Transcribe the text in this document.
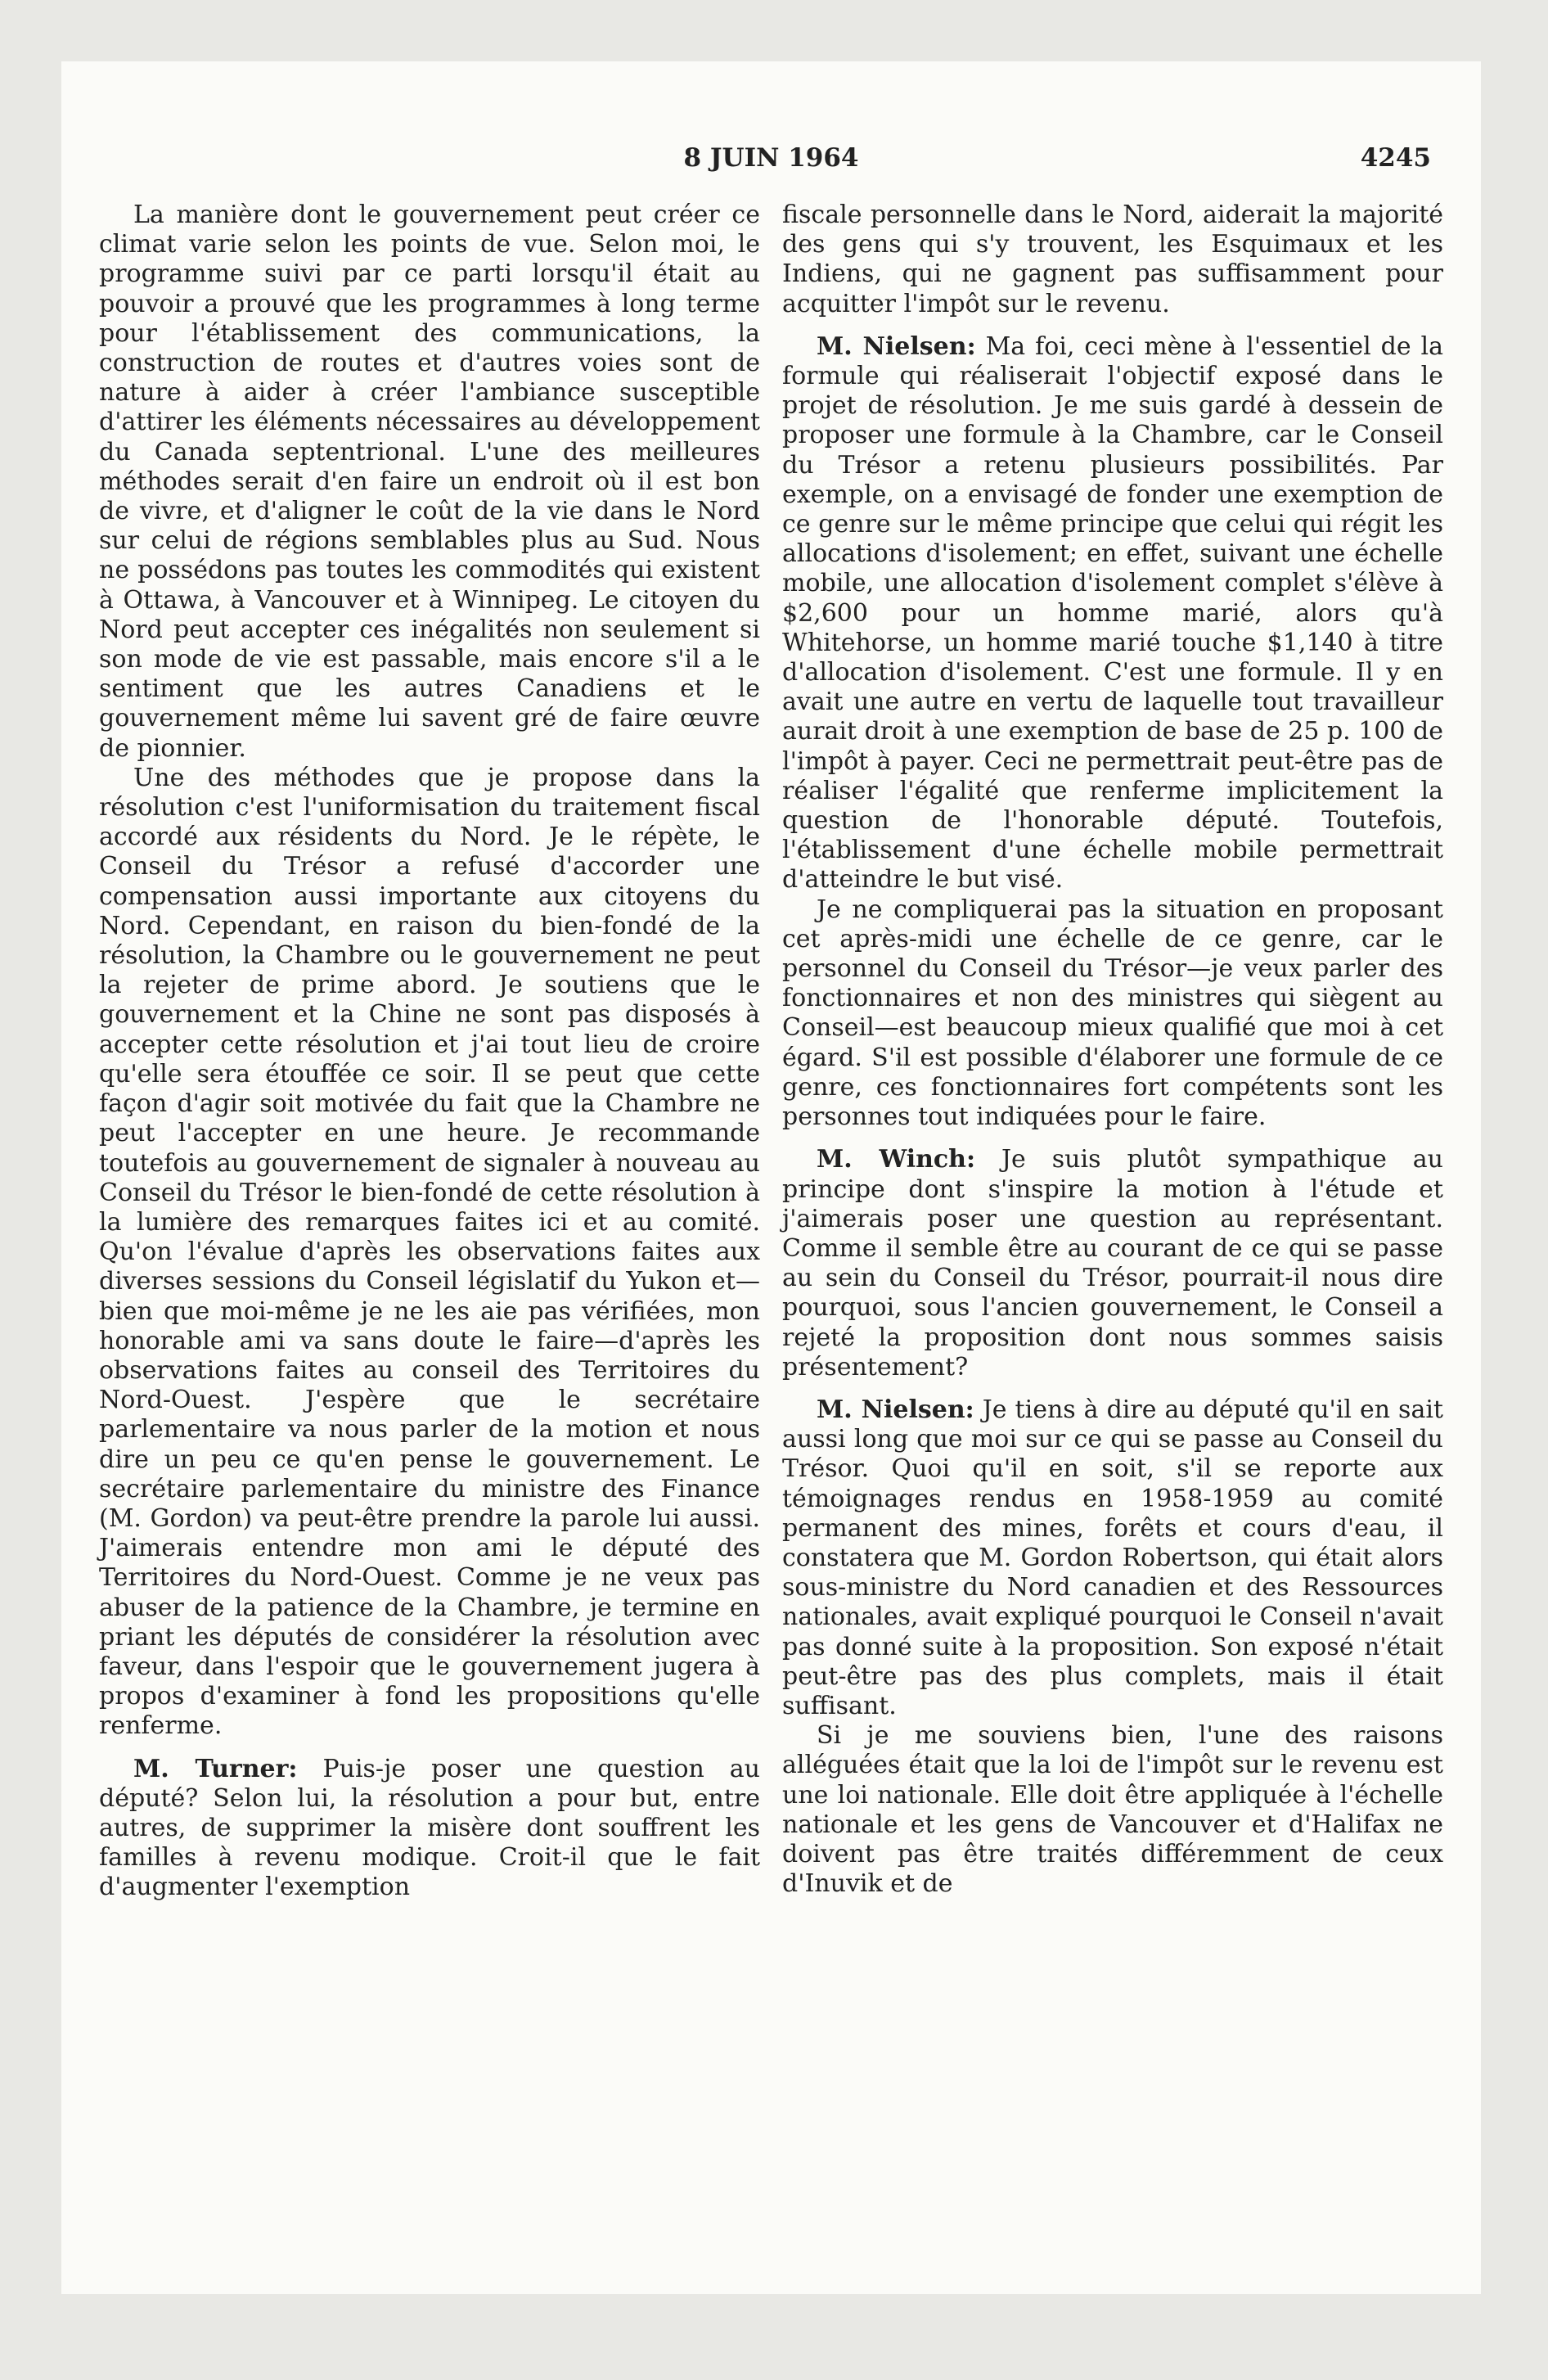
8 JUIN 1964	4245

La manière dont le gouvernement peut créer ce climat varie selon les points de vue. Selon moi, le programme suivi par ce parti lorsqu'il était au pouvoir a prouvé que les programmes à long terme pour l'établissement des communications, la construction de routes et d'autres voies sont de nature à aider à créer l'ambiance susceptible d'attirer les éléments nécessaires au développement du Canada septentrional. L'une des meilleures méthodes serait d'en faire un endroit où il est bon de vivre, et d'aligner le coût de la vie dans le Nord sur celui de régions semblables plus au Sud. Nous ne possédons pas toutes les commodités qui existent à Ottawa, à Vancouver et à Winnipeg. Le citoyen du Nord peut accepter ces inégalités non seulement si son mode de vie est passable, mais encore s'il a le sentiment que les autres Canadiens et le gouvernement même lui savent gré de faire œuvre de pionnier.

Une des méthodes que je propose dans la résolution c'est l'uniformisation du traitement fiscal accordé aux résidents du Nord. Je le répète, le Conseil du Trésor a refusé d'accorder une compensation aussi importante aux citoyens du Nord. Cependant, en raison du bien-fondé de la résolution, la Chambre ou le gouvernement ne peut la rejeter de prime abord. Je soutiens que le gouvernement et la Chine ne sont pas disposés à accepter cette résolution et j'ai tout lieu de croire qu'elle sera étouffée ce soir. Il se peut que cette façon d'agir soit motivée du fait que la Chambre ne peut l'accepter en une heure. Je recommande toutefois au gouvernement de signaler à nouveau au Conseil du Trésor le bien-fondé de cette résolution à la lumière des remarques faites ici et au comité. Qu'on l'évalue d'après les observations faites aux diverses sessions du Conseil législatif du Yukon et—bien que moi-même je ne les aie pas vérifiées, mon honorable ami va sans doute le faire—d'après les observations faites au conseil des Territoires du Nord-Ouest. J'espère que le secrétaire parlementaire va nous parler de la motion et nous dire un peu ce qu'en pense le gouvernement. Le secrétaire parlementaire du ministre des Finance (M. Gordon) va peut-être prendre la parole lui aussi. J'aimerais entendre mon ami le député des Territoires du Nord-Ouest. Comme je ne veux pas abuser de la patience de la Chambre, je termine en priant les députés de considérer la résolution avec faveur, dans l'espoir que le gouvernement jugera à propos d'examiner à fond les propositions qu'elle renferme.

M. Turner: Puis-je poser une question au député? Selon lui, la résolution a pour but, entre autres, de supprimer la misère dont souffrent les familles à revenu modique. Croit-il que le fait d'augmenter l'exemption

fiscale personnelle dans le Nord, aiderait la majorité des gens qui s'y trouvent, les Esquimaux et les Indiens, qui ne gagnent pas suffisamment pour acquitter l'impôt sur le revenu.

M. Nielsen: Ma foi, ceci mène à l'essentiel de la formule qui réaliserait l'objectif exposé dans le projet de résolution. Je me suis gardé à dessein de proposer une formule à la Chambre, car le Conseil du Trésor a retenu plusieurs possibilités. Par exemple, on a envisagé de fonder une exemption de ce genre sur le même principe que celui qui régit les allocations d'isolement; en effet, suivant une échelle mobile, une allocation d'isolement complet s'élève à $2,600 pour un homme marié, alors qu'à Whitehorse, un homme marié touche $1,140 à titre d'allocation d'isolement. C'est une formule. Il y en avait une autre en vertu de laquelle tout travailleur aurait droit à une exemption de base de 25 p. 100 de l'impôt à payer. Ceci ne permettrait peut-être pas de réaliser l'égalité que renferme implicitement la question de l'honorable député. Toutefois, l'établissement d'une échelle mobile permettrait d'atteindre le but visé.

Je ne compliquerai pas la situation en proposant cet après-midi une échelle de ce genre, car le personnel du Conseil du Trésor—je veux parler des fonctionnaires et non des ministres qui siègent au Conseil—est beaucoup mieux qualifié que moi à cet égard. S'il est possible d'élaborer une formule de ce genre, ces fonctionnaires fort compétents sont les personnes tout indiquées pour le faire.

M. Winch: Je suis plutôt sympathique au principe dont s'inspire la motion à l'étude et j'aimerais poser une question au représentant. Comme il semble être au courant de ce qui se passe au sein du Conseil du Trésor, pourrait-il nous dire pourquoi, sous l'ancien gouvernement, le Conseil a rejeté la proposition dont nous sommes saisis présentement?

M. Nielsen: Je tiens à dire au député qu'il en sait aussi long que moi sur ce qui se passe au Conseil du Trésor. Quoi qu'il en soit, s'il se reporte aux témoignages rendus en 1958-1959 au comité permanent des mines, forêts et cours d'eau, il constatera que M. Gordon Robertson, qui était alors sous-ministre du Nord canadien et des Ressources nationales, avait expliqué pourquoi le Conseil n'avait pas donné suite à la proposition. Son exposé n'était peut-être pas des plus complets, mais il était suffisant.

Si je me souviens bien, l'une des raisons alléguées était que la loi de l'impôt sur le revenu est une loi nationale. Elle doit être appliquée à l'échelle nationale et les gens de Vancouver et d'Halifax ne doivent pas être traités différemment de ceux d'Inuvik et de
